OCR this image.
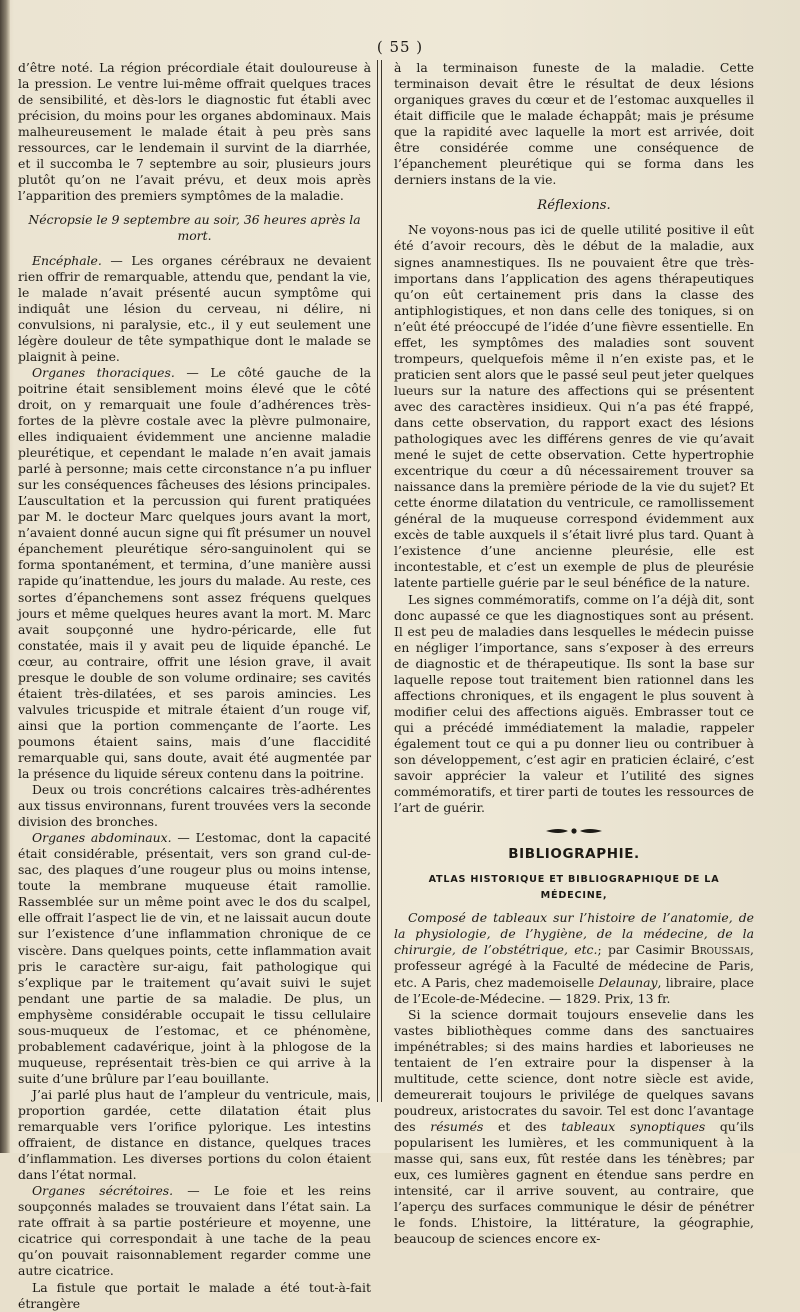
( 55 )

d’être noté. La région précordiale était douloureuse à la pression. Le ventre lui-même offrait quelques traces de sensibilité, et dès-lors le diagnostic fut établi avec précision, du moins pour les organes abdominaux. Mais malheureusement le malade était à peu près sans ressources, car le lendemain il survint de la diarrhée, et il succomba le 7 septembre au soir, plusieurs jours plutôt qu’on ne l’avait prévu, et deux mois après l’apparition des premiers symptômes de la maladie.

Nécropsie le 9 septembre au soir, 36 heures après la mort.

Encéphale. — Les organes cérébraux ne devaient rien offrir de remarquable, attendu que, pendant la vie, le malade n’avait présenté aucun symptôme qui indiquât une lésion du cerveau, ni délire, ni convulsions, ni paralysie, etc., il y eut seulement une légère douleur de tête sympathique dont le malade se plaignit à peine.

Organes thoraciques. — Le côté gauche de la poitrine était sensiblement moins élevé que le côté droit, on y remarquait une foule d’adhérences très-fortes de la plèvre costale avec la plèvre pulmonaire, elles indiquaient évidemment une ancienne maladie pleurétique, et cependant le malade n’en avait jamais parlé à personne; mais cette circonstance n’a pu influer sur les conséquences fâcheuses des lésions principales. L’auscultation et la percussion qui furent pratiquées par M. le docteur Marc quelques jours avant la mort, n’avaient donné aucun signe qui fît présumer un nouvel épanchement pleurétique séro-sanguinolent qui se forma spontanément, et termina, d’une manière aussi rapide qu’inattendue, les jours du malade. Au reste, ces sortes d’épanchemens sont assez fréquens quelques jours et même quelques heures avant la mort. M. Marc avait soupçonné une hydro-péricarde, elle fut constatée, mais il y avait peu de liquide épanché. Le cœur, au contraire, offrit une lésion grave, il avait presque le double de son volume ordinaire; ses cavités étaient très-dilatées, et ses parois amincies. Les valvules tricuspide et mitrale étaient d’un rouge vif, ainsi que la portion commençante de l’aorte. Les poumons étaient sains, mais d’une flaccidité remarquable qui, sans doute, avait été augmentée par la présence du liquide séreux contenu dans la poitrine.

Deux ou trois concrétions calcaires très-adhérentes aux tissus environnans, furent trouvées vers la seconde division des bronches.

Organes abdominaux. — L’estomac, dont la capacité était considérable, présentait, vers son grand cul-de-sac, des plaques d’une rougeur plus ou moins intense, toute la membrane muqueuse était ramollie. Rassemblée sur un même point avec le dos du scalpel, elle offrait l’aspect lie de vin, et ne laissait aucun doute sur l’existence d’une inflammation chronique de ce viscère. Dans quelques points, cette inflammation avait pris le caractère sur-aigu, fait pathologique qui s’explique par le traitement qu’avait suivi le sujet pendant une partie de sa maladie. De plus, un emphysème considérable occupait le tissu cellulaire sous-muqueux de l’estomac, et ce phénomène, probablement cadavérique, joint à la phlogose de la muqueuse, représentait très-bien ce qui arrive à la suite d’une brûlure par l’eau bouillante.

J’ai parlé plus haut de l’ampleur du ventricule, mais, proportion gardée, cette dilatation était plus remarquable vers l’orifice pylorique. Les intestins offraient, de distance en distance, quelques traces d’inflammation. Les diverses portions du colon étaient dans l’état normal.

Organes sécrétoires. — Le foie et les reins soupçonnés malades se trouvaient dans l’état sain. La rate offrait à sa partie postérieure et moyenne, une cicatrice qui correspondait à une tache de la peau qu’on pouvait raisonnablement regarder comme une autre cicatrice.

La fistule que portait le malade a été tout-à-fait étrangère

à la terminaison funeste de la maladie. Cette terminaison devait être le résultat de deux lésions organiques graves du cœur et de l’estomac auxquelles il était difficile que le malade échappât; mais je présume que la rapidité avec laquelle la mort est arrivée, doit être considérée comme une conséquence de l’épanchement pleurétique qui se forma dans les derniers instans de la vie.

Réflexions.

Ne voyons-nous pas ici de quelle utilité positive il eût été d’avoir recours, dès le début de la maladie, aux signes anamnestiques. Ils ne pouvaient être que très-importans dans l’application des agens thérapeutiques qu’on eût certainement pris dans la classe des antiphlogistiques, et non dans celle des toniques, si on n’eût été préoccupé de l’idée d’une fièvre essentielle. En effet, les symptômes des maladies sont souvent trompeurs, quelquefois même il n’en existe pas, et le praticien sent alors que le passé seul peut jeter quelques lueurs sur la nature des affections qui se présentent avec des caractères insidieux. Qui n’a pas été frappé, dans cette observation, du rapport exact des lésions pathologiques avec les différens genres de vie qu’avait mené le sujet de cette observation. Cette hypertrophie excentrique du cœur a dû nécessairement trouver sa naissance dans la première période de la vie du sujet? Et cette énorme dilatation du ventricule, ce ramollissement général de la muqueuse correspond évidemment aux excès de table auxquels il s’était livré plus tard. Quant à l’existence d’une ancienne pleurésie, elle est incontestable, et c’est un exemple de plus de pleurésie latente partielle guérie par le seul bénéfice de la nature.

Les signes commémoratifs, comme on l’a déjà dit, sont donc aupassé ce que les diagnostiques sont au présent. Il est peu de maladies dans lesquelles le médecin puisse en négliger l’importance, sans s’exposer à des erreurs de diagnostic et de thérapeutique. Ils sont la base sur laquelle repose tout traitement bien rationnel dans les affections chroniques, et ils engagent le plus souvent à modifier celui des affections aiguës. Embrasser tout ce qui a précédé immédiatement la maladie, rappeler également tout ce qui a pu donner lieu ou contribuer à son développement, c’est agir en praticien éclairé, c’est savoir apprécier la valeur et l’utilité des signes commémoratifs, et tirer parti de toutes les ressources de l’art de guérir.

BIBLIOGRAPHIE.

ATLAS HISTORIQUE ET BIBLIOGRAPHIQUE DE LA MÉDECINE,

Composé de tableaux sur l’histoire de l’anatomie, de la physiologie, de l’hygiène, de la médecine, de la chirurgie, de l’obstétrique, etc.; par Casimir Broussais, professeur agrégé à la Faculté de médecine de Paris, etc. A Paris, chez mademoiselle Delaunay, libraire, place de l’Ecole-de-Médecine. — 1829. Prix, 13 fr.

Si la science dormait toujours ensevelie dans les vastes bibliothèques comme dans des sanctuaires impénétrables; si des mains hardies et laborieuses ne tentaient de l’en extraire pour la dispenser à la multitude, cette science, dont notre siècle est avide, demeurerait toujours le privilége de quelques savans poudreux, aristocrates du savoir. Tel est donc l’avantage des résumés et des tableaux synoptiques qu’ils popularisent les lumières, et les communiquent à la masse qui, sans eux, fût restée dans les ténèbres; par eux, ces lumières gagnent en étendue sans perdre en intensité, car il arrive souvent, au contraire, que l’aperçu des surfaces communique le désir de pénétrer le fonds. L’histoire, la littérature, la géographie, beaucoup de sciences encore ex-
